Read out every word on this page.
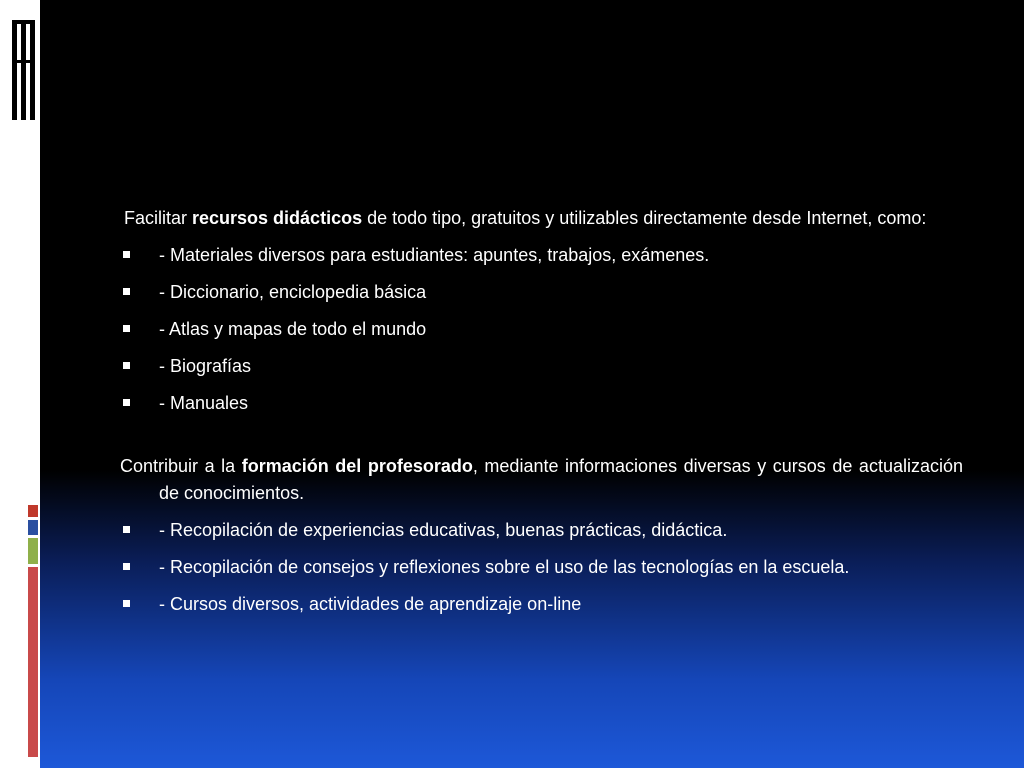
Facilitar recursos didácticos de todo tipo, gratuitos y utilizables directamente desde Internet, como:

- Materiales diversos para estudiantes: apuntes, trabajos, exámenes.
- Diccionario, enciclopedia básica
- Atlas y mapas de todo el mundo
- Biografías
- Manuales

Contribuir a la formación del profesorado, mediante informaciones diversas y cursos de actualización de conocimientos.

- Recopilación de experiencias educativas, buenas prácticas, didáctica.
- Recopilación de consejos y reflexiones sobre el uso de las tecnologías en la escuela.
- Cursos diversos, actividades de aprendizaje on-line
